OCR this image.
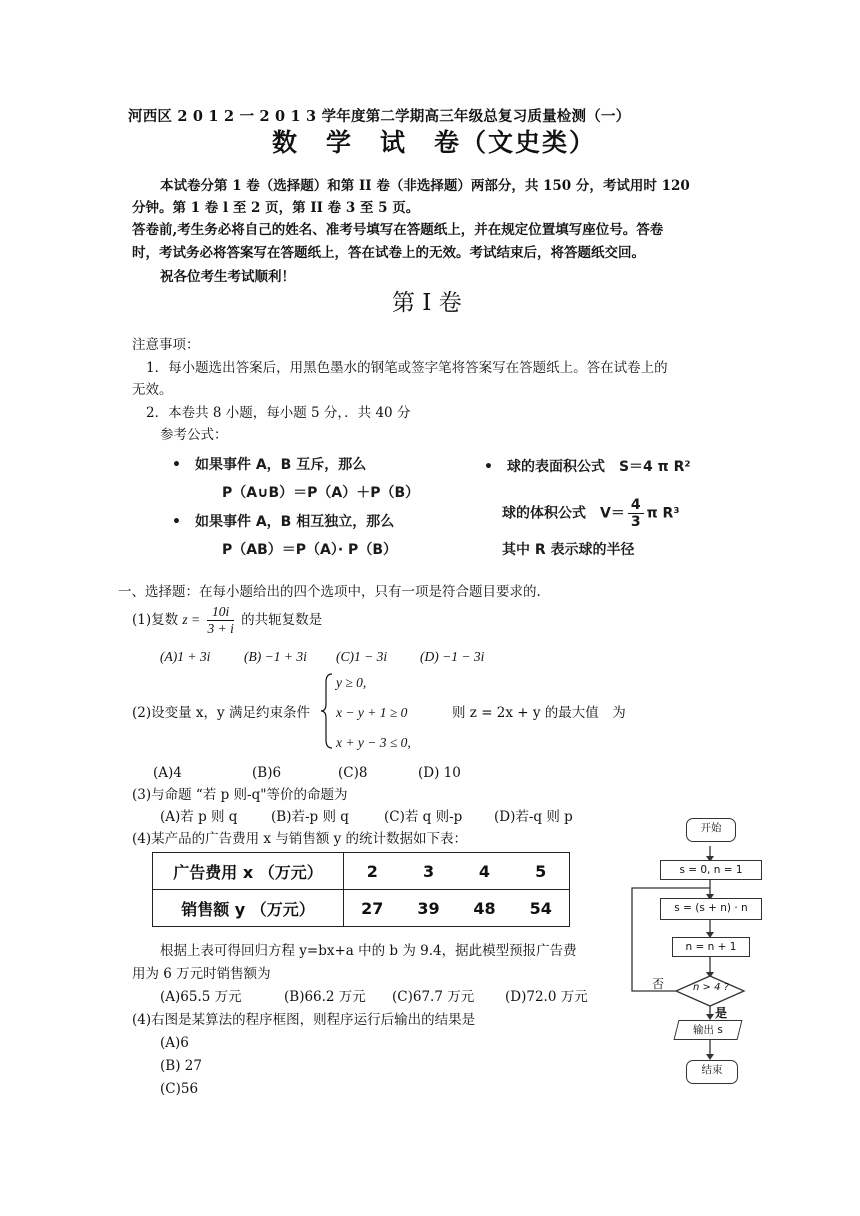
河西区 2 0 1 2 一 2 0 1 3 学年度第二学期高三年级总复习质量检测（一）
数　学　试　卷（文史类）
本试卷分第 1 卷（选择题）和第 II 卷（非选择题）两部分，共 150 分，考试用时 120
分钟。第 1 卷 l 至 2 页，第 II 卷 3 至 5 页。
答卷前,考生务必将自己的姓名、准考号填写在答题纸上，并在规定位置填写座位号。答卷
时，考试务必将答案写在答题纸上，答在试卷上的无效。考试结束后，将答题纸交回。
祝各位考生考试顺利！
第 I 卷
注意事项：
1．每小题选出答案后，用黑色墨水的钢笔或签字笔将答案写在答题纸上。答在试卷上的
无效。
2．本卷共 8 小题，每小题 5 分，．共 40 分
参考公式：
•　如果事件 A，B 互斥，那么
P（A∪B）＝P（A）＋P（B）
•　如果事件 A，B 相互独立，那么
P（AB）＝P（A）· P（B）
•　球的表面积公式　S＝4 π R²
球的体积公式　$V= \frac{4}{3}$ π R³
其中 R 表示球的半径
一、选择题：在每小题给出的四个选项中，只有一项是符合题目要求的.
(1)复数 $z = \frac{10i}{3 + i}$ 的共轭复数是
(A)1 + 3i (B) −1 + 3i (C)1 − 3i (D) −1 − 3i
(2)设变量 x，y 满足约束条件
y ≥ 0,
x − y + 1 ≥ 0
x + y − 3 ≤ 0,
则 z = 2x + y 的最大值　为
(A)4	(B)6	(C)8	(D) 10
(3)与命题 “若 p 则-q"等价的命题为
(A)若 p 则 q (B)若-p 则 q	(C)若 q 则-p (D)若-q 则 p
(4)某产品的广告费用 x 与销售额 y 的统计数据如下表：
广告费用 x （万元）	2	3	4	5
销售额 y （万元）	27	39	48	54
根据上表可得回归方程 y=bx+a 中的 b 为 9.4，据此模型预报广告费
用为 6 万元时销售额为
(A)65.5 万元	(B)66.2 万元 (C)67.7 万元 (D)72.0 万元
(4)右图是某算法的程序框图，则程序运行后输出的结果是
(A)6
(B) 27
(C)56
开始
s = 0, n = 1
s = (s + n) · n
n = n + 1
n > 4 ?
否
是
输出 s
结束
